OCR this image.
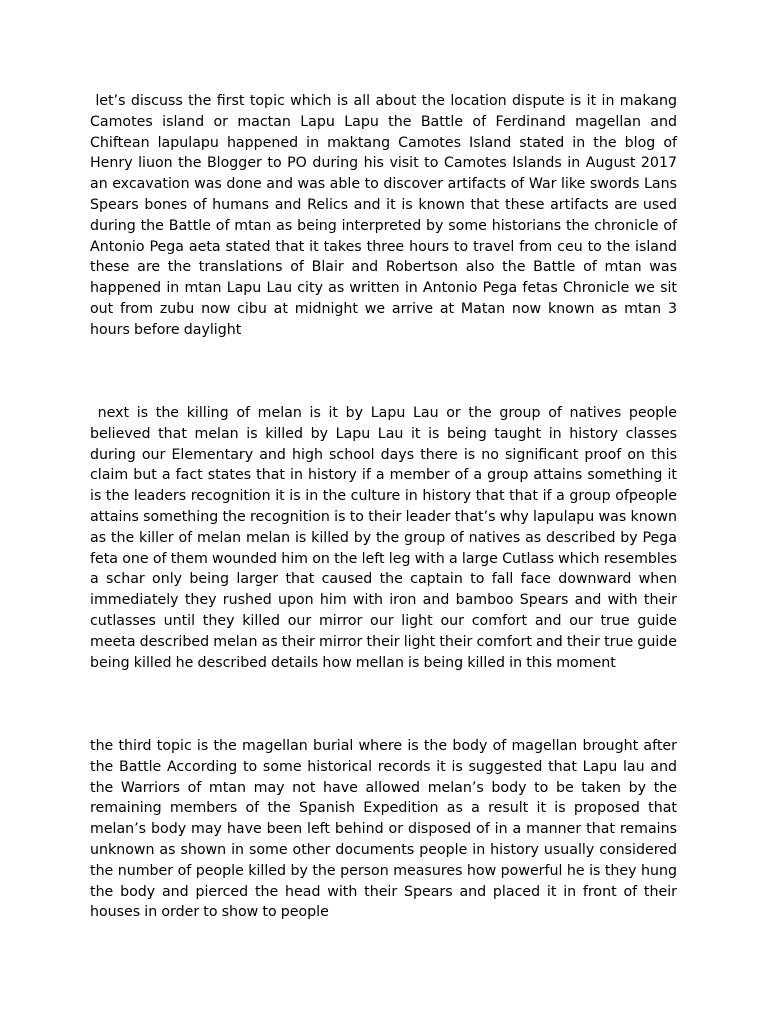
let’s discuss the first topic which is all about the location dispute is it in makang Camotes island or mactan Lapu Lapu the Battle of Ferdinand magellan and Chiftean lapulapu happened in maktang Camotes Island stated in the blog of Henry liuon the Blogger to PO during his visit to Camotes Islands in August 2017 an excavation was done and was able to discover artifacts of War like swords Lans Spears bones of humans and Relics and it is known that these artifacts are used during the Battle of mtan as being interpreted by some historians the chronicle of Antonio Pega aeta stated that it takes three hours to travel from ceu to the island these are the translations of Blair and Robertson also the Battle of mtan was happened in mtan Lapu Lau city as written in Antonio Pega fetas Chronicle we sit out from zubu now cibu at midnight we arrive at Matan now known as mtan 3 hours before daylight

next is the killing of melan is it by Lapu Lau or the group of natives people believed that melan is killed by Lapu Lau it is being taught in history classes during our Elementary and high school days there is no significant proof on this claim but a fact states that in history if a member of a group attains something it is the leaders recognition it is in the culture in history that that if a group ofpeople attains something the recognition is to their leader that’s why lapulapu was known as the killer of melan melan is killed by the group of natives as described by Pega feta one of them wounded him on the left leg with a large Cutlass which resembles a schar only being larger that caused the captain to fall face downward when immediately they rushed upon him with iron and bamboo Spears and with their cutlasses until they killed our mirror our light our comfort and our true guide meeta described melan as their mirror their light their comfort and their true guide being killed he described details how mellan is being killed in this moment

the third topic is the magellan burial where is the body of magellan brought after the Battle According to some historical records it is suggested that Lapu lau and the Warriors of mtan may not have allowed melan’s body to be taken by the remaining members of the Spanish Expedition as a result it is proposed that melan’s body may have been left behind or disposed of in a manner that remains unknown as shown in some other documents people in history usually considered the number of people killed by the person measures how powerful he is they hung the body and pierced the head with their Spears and placed it in front of their houses in order to show to people
